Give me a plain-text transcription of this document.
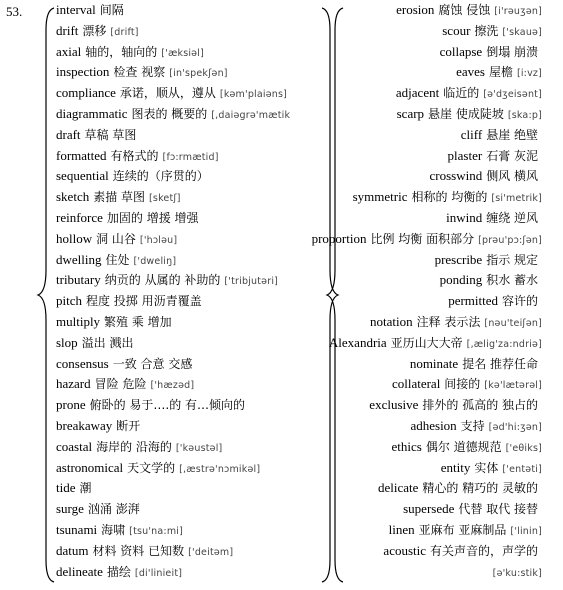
53.	interval 间隔
drift 漂移 [drift]
axial 轴的，轴向的 ['æksiəl]
inspection 检查 视察 [in'spekʃən]
compliance 承诺，顺从，遵从 [kəm'plaiəns]
diagrammatic 图表的 概要的 [,daiəgrə'mætik
draft 草稿 草图
formatted 有格式的 [fɔ:rmætid]
sequential 连续的（序贯的）
sketch 素描 草图 [sketʃ]
reinforce 加固的 增援 增强
hollow 洞 山谷 ['hɔləu]
dwelling 住处 ['dweliŋ]
tributary 纳贡的 从属的 补助的 ['tribjutəri]
pitch 程度 投掷 用沥青覆盖
multiply 繁殖 乘 增加
slop 溢出 溅出
consensus 一致 合意 交感
hazard 冒险 危险 ['hæzəd]
prone 俯卧的 易于….的 有…倾向的
breakaway 断开
coastal 海岸的 沿海的 ['kəustəl]
astronomical 天文学的 [,æstrə'nɔmikəl]
tide 潮
surge 汹涌 澎湃
tsunami 海啸 [tsu'na:mi]
datum 材料 资料 已知数 ['deitəm]
delineate 描绘 [di'linieit]
erosion 腐蚀 侵蚀 [i'rəuʒən]
scour 擦洗 ['skauə]
collapse 倒塌 崩溃
eaves 屋檐 [i:vz]
adjacent 临近的 [ə'dʒeisənt]
scarp 悬崖 使成陡坡 [ska:p]
cliff 悬崖 绝壁
plaster 石膏 灰泥
crosswind 侧风 横风
symmetric 相称的 均衡的 [si'metrik]
inwind 缠绕 逆风
proportion 比例 均衡 面积部分 [prəu'pɔ:ʃən]
prescribe 指示 规定
ponding 积水 蓄水
permitted 容许的
notation 注释 表示法 [nəu'teiʃən]
Alexandria 亚历山大大帝 [,ælig'za:ndriə]
nominate 提名 推荐任命
collateral 间接的 [kə'lætərəl]
exclusive 排外的 孤高的 独占的
adhesion 支持 [əd'hi:ʒən]
ethics 偶尔 道德规范 ['eθiks]
entity 实体 ['entəti]
delicate 精心的 精巧的 灵敏的
supersede 代替 取代 接替
linen 亚麻布 亚麻制品 ['linin]
acoustic 有关声音的，声学的
[ə'ku:stik]
